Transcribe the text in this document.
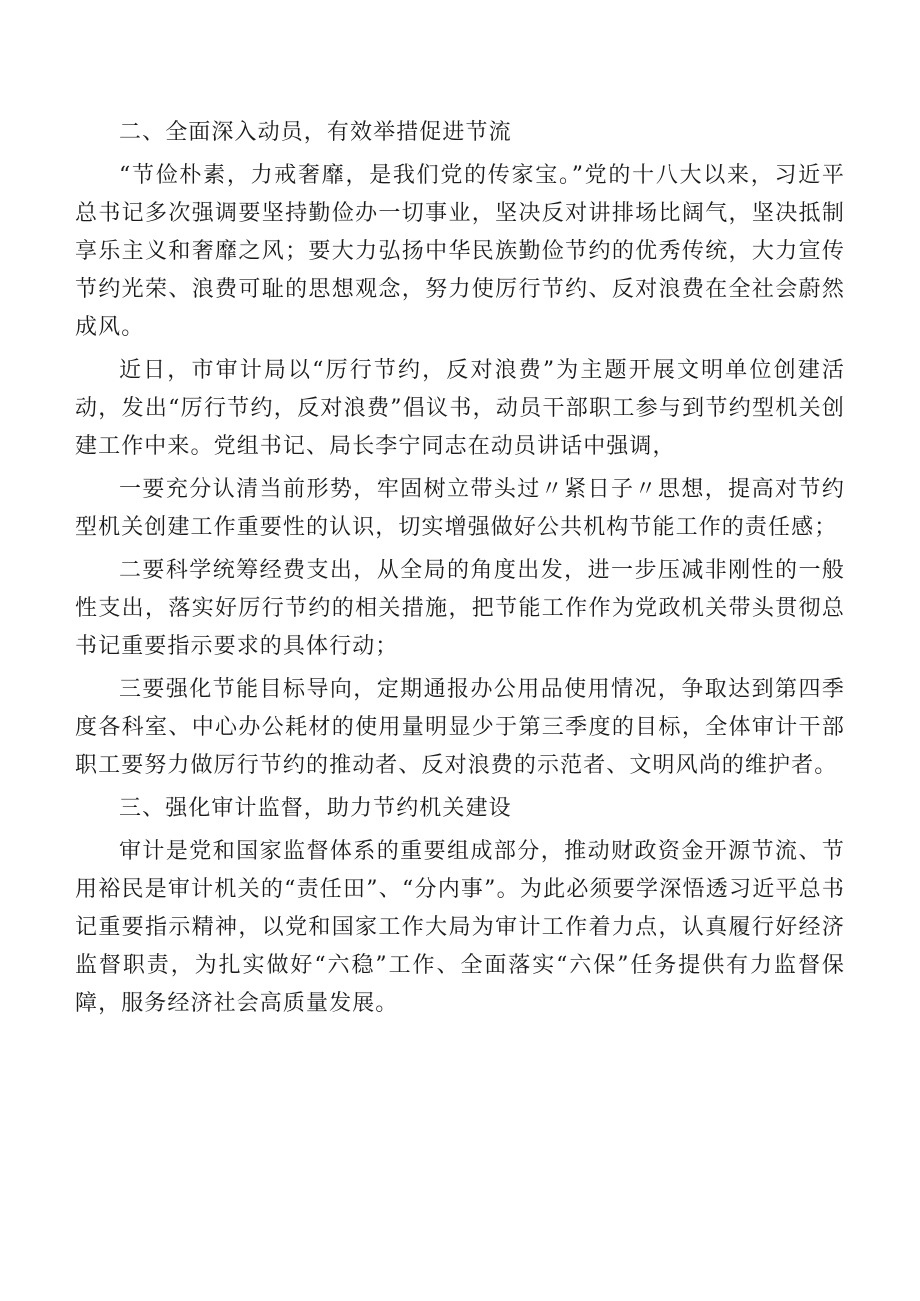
二、全面深入动员，有效举措促进节流

“节俭朴素，力戒奢靡，是我们党的传家宝。”党的十八大以来，习近平总书记多次强调要坚持勤俭办一切事业，坚决反对讲排场比阔气，坚决抵制享乐主义和奢靡之风；要大力弘扬中华民族勤俭节约的优秀传统，大力宣传节约光荣、浪费可耻的思想观念，努力使厉行节约、反对浪费在全社会蔚然成风。

近日，市审计局以“厉行节约，反对浪费”为主题开展文明单位创建活动，发出“厉行节约，反对浪费”倡议书，动员干部职工参与到节约型机关创建工作中来。党组书记、局长李宁同志在动员讲话中强调，

一要充分认清当前形势，牢固树立带头过〃紧日子〃思想，提高对节约型机关创建工作重要性的认识，切实增强做好公共机构节能工作的责任感；

二要科学统筹经费支出，从全局的角度出发，进一步压减非刚性的一般性支出，落实好厉行节约的相关措施，把节能工作作为党政机关带头贯彻总书记重要指示要求的具体行动；

三要强化节能目标导向，定期通报办公用品使用情况，争取达到第四季度各科室、中心办公耗材的使用量明显少于第三季度的目标，全体审计干部职工要努力做厉行节约的推动者、反对浪费的示范者、文明风尚的维护者。

三、强化审计监督，助力节约机关建设

审计是党和国家监督体系的重要组成部分，推动财政资金开源节流、节用裕民是审计机关的“责任田”、“分内事”。为此必须要学深悟透习近平总书记重要指示精神，以党和国家工作大局为审计工作着力点，认真履行好经济监督职责，为扎实做好“六稳”工作、全面落实“六保”任务提供有力监督保障，服务经济社会高质量发展。
